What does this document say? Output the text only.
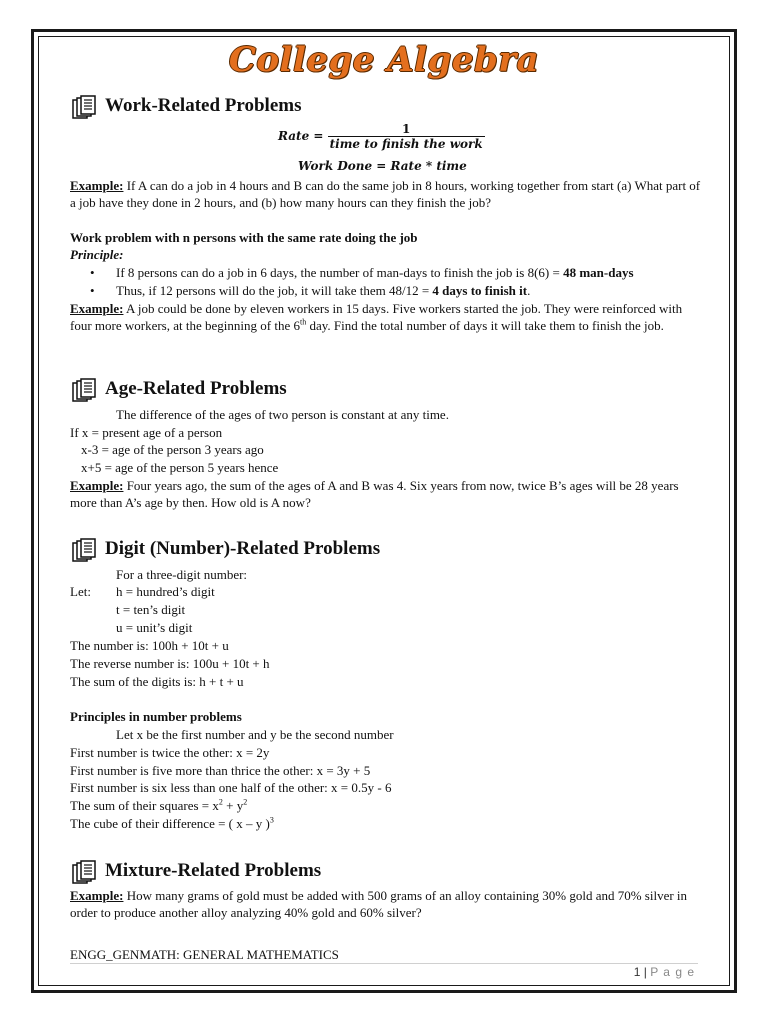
College Algebra
Work-Related Problems
Rate = $\frac{1}{\text{time to finish the work}}$
Work Done = Rate * time
Example: If A can do a job in 4 hours and B can do the same job in 8 hours, working together from start (a) What part of a job have they done in 2 hours, and (b) how many hours can they finish the job?
Work problem with n persons with the same rate doing the job
Principle:
• If 8 persons can do a job in 6 days, the number of man-days to finish the job is 8(6) = 48 man-days
• Thus, if 12 persons will do the job, it will take them 48/12 = 4 days to finish it.
Example: A job could be done by eleven workers in 15 days. Five workers started the job. They were reinforced with four more workers, at the beginning of the 6th day. Find the total number of days it will take them to finish the job.
Age-Related Problems
The difference of the ages of two person is constant at any time.
If x = present age of a person
x-3 = age of the person 3 years ago
x+5 = age of the person 5 years hence
Example: Four years ago, the sum of the ages of A and B was 4. Six years from now, twice B’s ages will be 28 years more than A’s age by then. How old is A now?
Digit (Number)-Related Problems
For a three-digit number:
Let: h = hundred’s digit
t = ten’s digit
u = unit’s digit
The number is: 100h + 10t + u
The reverse number is: 100u + 10t + h
The sum of the digits is: h + t + u
Principles in number problems
Let x be the first number and y be the second number
First number is twice the other: x = 2y
First number is five more than thrice the other: x = 3y + 5
First number is six less than one half of the other: x = 0.5y - 6
The sum of their squares = $x^2 + y^2$
The cube of their difference = ( x – y )$^3$
Mixture-Related Problems
Example: How many grams of gold must be added with 500 grams of an alloy containing 30% gold and 70% silver in order to produce another alloy analyzing 40% gold and 60% silver?
ENGG_GENMATH: GENERAL MATHEMATICS
1 | P a g e
